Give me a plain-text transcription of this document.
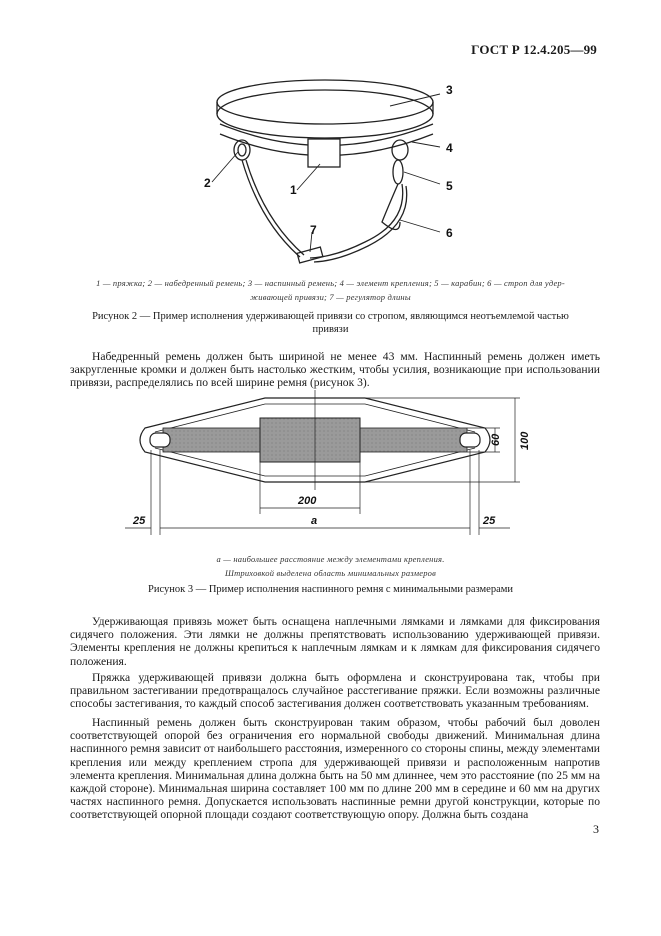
ГОСТ Р 12.4.205—99
3
4
5
6
2	1
7
1 — пряжка; 2 — набедренный ремень; 3 — наспинный ремень; 4 — элемент крепления; 5 — карабин; 6 — строп для удер-
живающей привязи; 7 — регулятор длины
Рисунок 2 — Пример исполнения удерживающей привязи со стропом, являющимся неотъемлемой частью
привязи

Набедренный ремень должен быть шириной не менее 43 мм. Наспинный ремень должен иметь закругленные кромки и должен быть настолько жестким, чтобы усилия, возникающие при использовании привязи, распределялись по всей ширине ремня (рисунок 3).

200
a
25	25
60 100
a — наибольшее расстояние между элементами крепления.
Штриховкой выделена область минимальных размеров
Рисунок 3 — Пример исполнения наспинного ремня с минимальными размерами

Удерживающая привязь может быть оснащена наплечными лямками и лямками для фиксирования сидячего положения. Эти лямки не должны препятствовать использованию удерживающей привязи. Элементы крепления не должны крепиться к наплечным лямкам и к лямкам для фиксирования сидячего положения.

Пряжка удерживающей привязи должна быть оформлена и сконструирована так, чтобы при правильном застегивании предотвращалось случайное расстегивание пряжки. Если возможны различные способы застегивания, то каждый способ застегивания должен соответствовать указанным требованиям.

Наспинный ремень должен быть сконструирован таким образом, чтобы рабочий был доволен соответствующей опорой без ограничения его нормальной свободы движений. Минимальная длина наспинного ремня зависит от наибольшего расстояния, измеренного со стороны спины, между элементами крепления или между креплением стропа для удерживающей привязи и расположенным напротив элемента крепления. Минимальная длина должна быть на 50 мм длиннее, чем это расстояние (по 25 мм на каждой стороне). Минимальная ширина составляет 100 мм по длине 200 мм в середине и 60 мм на других частях наспинного ремня. Допускается использовать наспинные ремни другой конструкции, которые по соответствующей опорной площади создают соответствующую опору. Должна быть создана

3
